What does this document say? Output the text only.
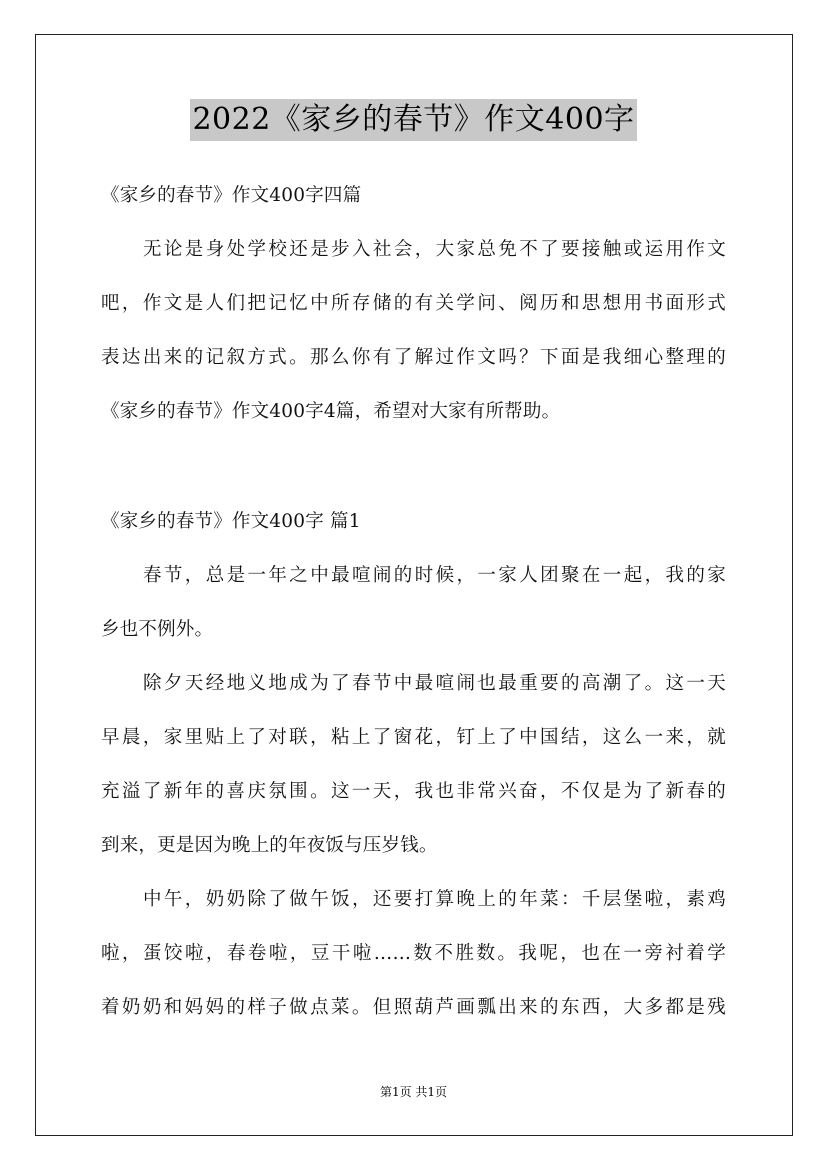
2022《家乡的春节》作文400字
《家乡的春节》作文400字四篇
无论是身处学校还是步入社会，大家总免不了要接触或运用作文
吧，作文是人们把记忆中所存储的有关学问、阅历和思想用书面形式
表达出来的记叙方式。那么你有了解过作文吗？下面是我细心整理的
《家乡的春节》作文400字4篇，希望对大家有所帮助。
《家乡的春节》作文400字 篇1
春节，总是一年之中最喧闹的时候，一家人团聚在一起，我的家
乡也不例外。
除夕天经地义地成为了春节中最喧闹也最重要的高潮了。这一天
早晨，家里贴上了对联，粘上了窗花，钉上了中国结，这么一来，就
充溢了新年的喜庆氛围。这一天，我也非常兴奋，不仅是为了新春的
到来，更是因为晚上的年夜饭与压岁钱。
中午，奶奶除了做午饭，还要打算晚上的年菜：千层堡啦，素鸡
啦，蛋饺啦，春卷啦，豆干啦……数不胜数。我呢，也在一旁衬着学
着奶奶和妈妈的样子做点菜。但照葫芦画瓢出来的东西，大多都是残
第1页 共1页
